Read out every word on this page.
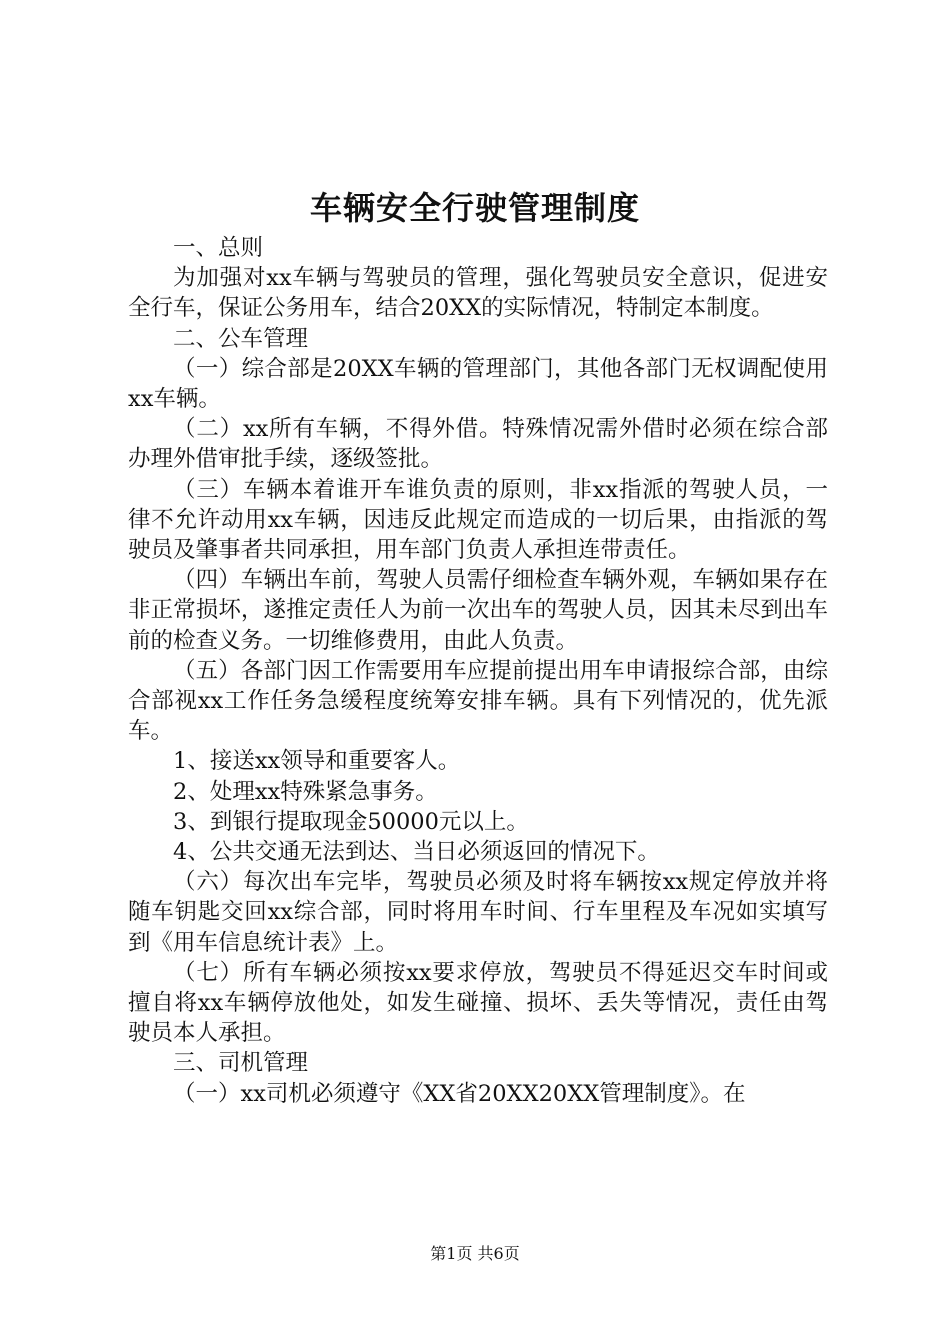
车辆安全行驶管理制度

一、总则

为加强对xx车辆与驾驶员的管理，强化驾驶员安全意识，促进安全行车，保证公务用车，结合20XX的实际情况，特制定本制度。

二、公车管理

（一）综合部是20XX车辆的管理部门，其他各部门无权调配使用xx车辆。

（二）xx所有车辆，不得外借。特殊情况需外借时必须在综合部办理外借审批手续，逐级签批。

（三）车辆本着谁开车谁负责的原则，非xx指派的驾驶人员，一律不允许动用xx车辆，因违反此规定而造成的一切后果，由指派的驾驶员及肇事者共同承担，用车部门负责人承担连带责任。

（四）车辆出车前，驾驶人员需仔细检查车辆外观，车辆如果存在非正常损坏，遂推定责任人为前一次出车的驾驶人员，因其未尽到出车前的检查义务。一切维修费用，由此人负责。

（五）各部门因工作需要用车应提前提出用车申请报综合部，由综合部视xx工作任务急缓程度统筹安排车辆。具有下列情况的，优先派车。

1、接送xx领导和重要客人。

2、处理xx特殊紧急事务。

3、到银行提取现金50000元以上。

4、公共交通无法到达、当日必须返回的情况下。

（六）每次出车完毕，驾驶员必须及时将车辆按xx规定停放并将随车钥匙交回xx综合部，同时将用车时间、行车里程及车况如实填写到《用车信息统计表》上。

（七）所有车辆必须按xx要求停放，驾驶员不得延迟交车时间或擅自将xx车辆停放他处，如发生碰撞、损坏、丢失等情况，责任由驾驶员本人承担。

三、司机管理

（一）xx司机必须遵守《XX省20XX20XX管理制度》。在

第1页 共6页
